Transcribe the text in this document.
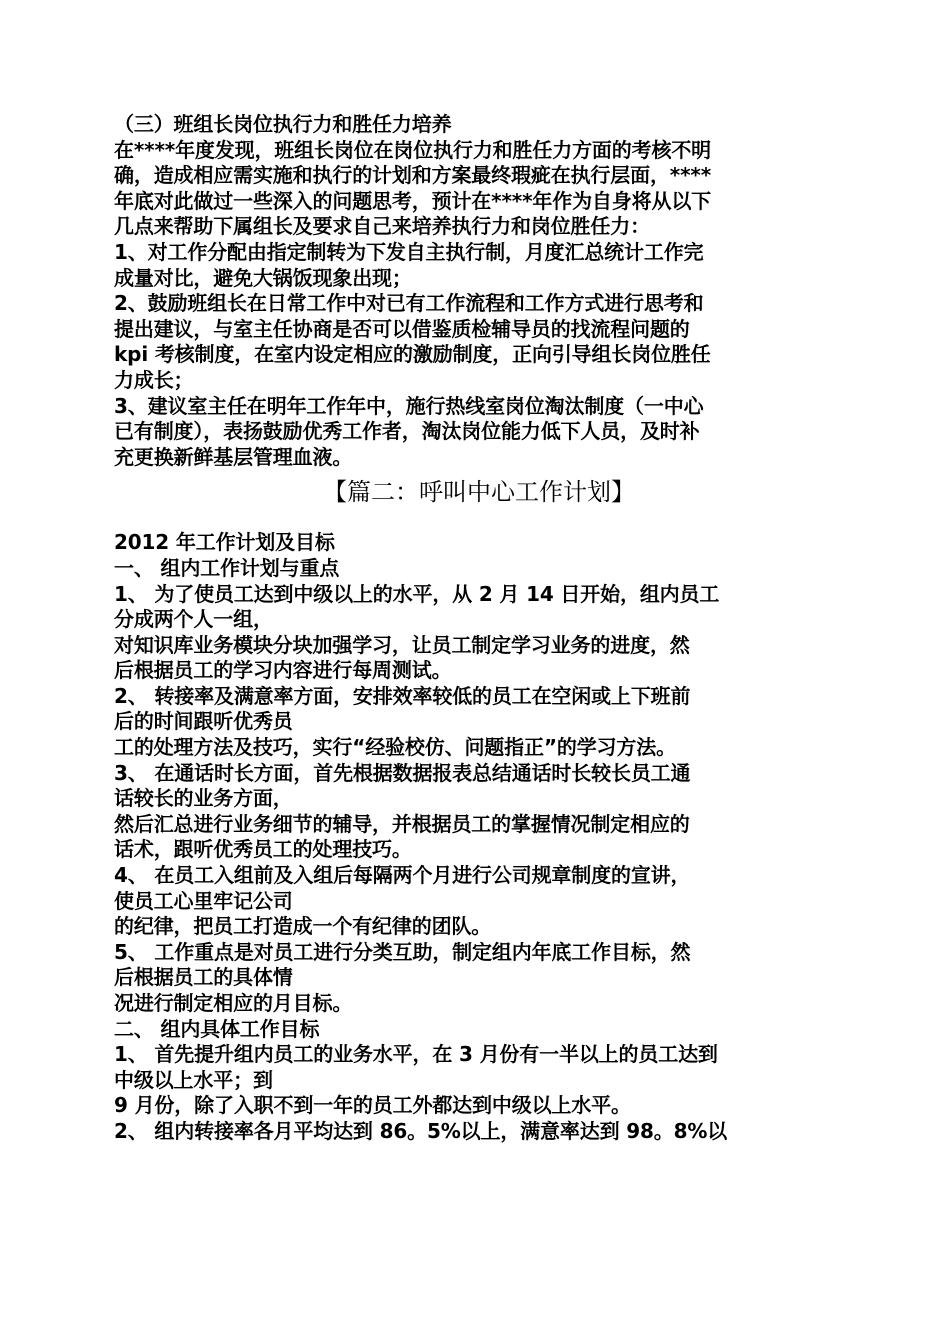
（三）班组长岗位执行力和胜任力培养
在****年度发现，班组长岗位在岗位执行力和胜任力方面的考核不明
确，造成相应需实施和执行的计划和方案最终瑕疵在执行层面，****
年底对此做过一些深入的问题思考，预计在****年作为自身将从以下
几点来帮助下属组长及要求自己来培养执行力和岗位胜任力：
1、对工作分配由指定制转为下发自主执行制，月度汇总统计工作完
成量对比，避免大锅饭现象出现；
2、鼓励班组长在日常工作中对已有工作流程和工作方式进行思考和
提出建议，与室主任协商是否可以借鉴质检辅导员的找流程问题的
kpi 考核制度，在室内设定相应的激励制度，正向引导组长岗位胜任
力成长；
3、建议室主任在明年工作年中，施行热线室岗位淘汰制度（一中心
已有制度），表扬鼓励优秀工作者，淘汰岗位能力低下人员，及时补
充更换新鲜基层管理血液。
【篇二：呼叫中心工作计划】
2012 年工作计划及目标
一、 组内工作计划与重点
1、 为了使员工达到中级以上的水平，从 2 月 14 日开始，组内员工
分成两个人一组，
对知识库业务模块分块加强学习，让员工制定学习业务的进度，然
后根据员工的学习内容进行每周测试。
2、 转接率及满意率方面，安排效率较低的员工在空闲或上下班前
后的时间跟听优秀员
工的处理方法及技巧，实行“经验校仿、问题指正”的学习方法。
3、 在通话时长方面，首先根据数据报表总结通话时长较长员工通
话较长的业务方面，
然后汇总进行业务细节的辅导，并根据员工的掌握情况制定相应的
话术，跟听优秀员工的处理技巧。
4、 在员工入组前及入组后每隔两个月进行公司规章制度的宣讲，
使员工心里牢记公司
的纪律，把员工打造成一个有纪律的团队。
5、 工作重点是对员工进行分类互助，制定组内年底工作目标，然
后根据员工的具体情
况进行制定相应的月目标。
二、 组内具体工作目标
1、 首先提升组内员工的业务水平，在 3 月份有一半以上的员工达到
中级以上水平；到
9 月份，除了入职不到一年的员工外都达到中级以上水平。
2、 组内转接率各月平均达到 86。5%以上，满意率达到 98。8%以
